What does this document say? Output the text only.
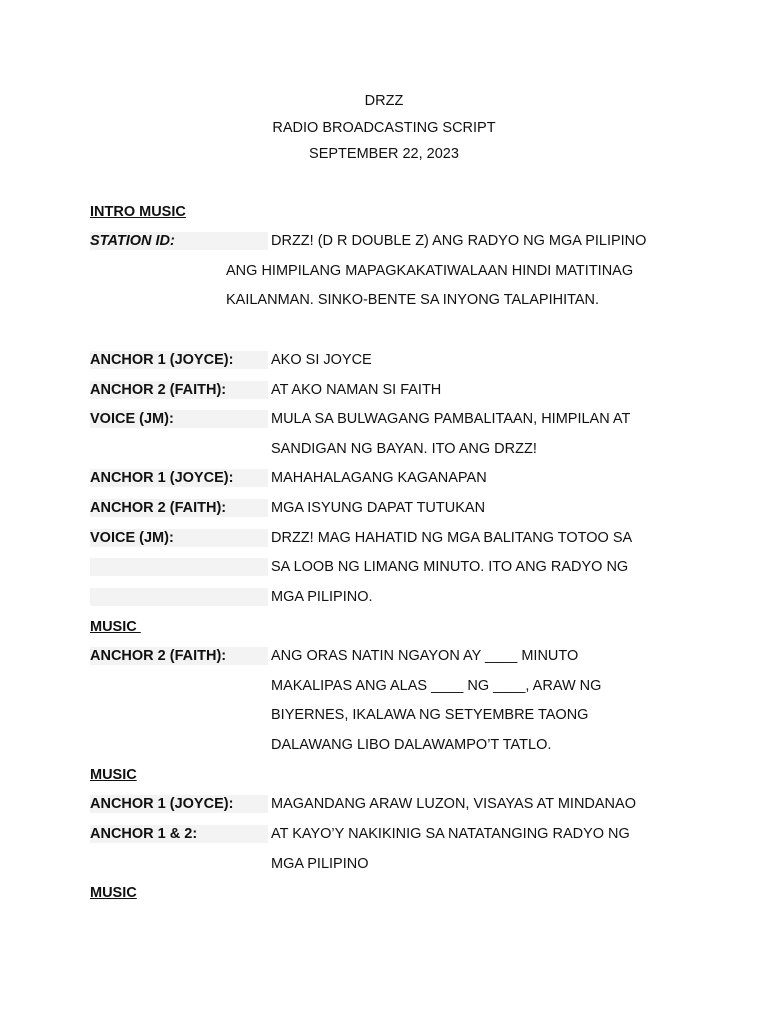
DRZZ
RADIO BROADCASTING SCRIPT
SEPTEMBER 22, 2023
INTRO MUSIC
STATION ID:	DRZZ! (D R DOUBLE Z) ANG RADYO NG MGA PILIPINO
ANG HIMPILANG MAPAGKAKATIWALAAN HINDI MATITINAG
KAILANMAN. SINKO-BENTE SA INYONG TALAPIHITAN.
ANCHOR 1 (JOYCE):	AKO SI JOYCE
ANCHOR 2 (FAITH):	AT AKO NAMAN SI FAITH
VOICE (JM):	MULA SA BULWAGANG PAMBALITAAN, HIMPILAN AT
SANDIGAN NG BAYAN. ITO ANG DRZZ!
ANCHOR 1 (JOYCE):	MAHAHALAGANG KAGANAPAN
ANCHOR 2 (FAITH):	MGA ISYUNG DAPAT TUTUKAN
VOICE (JM):	DRZZ! MAG HAHATID NG MGA BALITANG TOTOO SA
SA LOOB NG LIMANG MINUTO. ITO ANG RADYO NG
MGA PILIPINO.
MUSIC
ANCHOR 2 (FAITH):	ANG ORAS NATIN NGAYON AY ____ MINUTO
MAKALIPAS ANG ALAS ____ NG ____, ARAW NG
BIYERNES, IKALAWA NG SETYEMBRE TAONG
DALAWANG LIBO DALAWAMPO’T TATLO.
MUSIC
ANCHOR 1 (JOYCE):	MAGANDANG ARAW LUZON, VISAYAS AT MINDANAO
ANCHOR 1 & 2:	AT KAYO’Y NAKIKINIG SA NATATANGING RADYO NG
MGA PILIPINO
MUSIC
